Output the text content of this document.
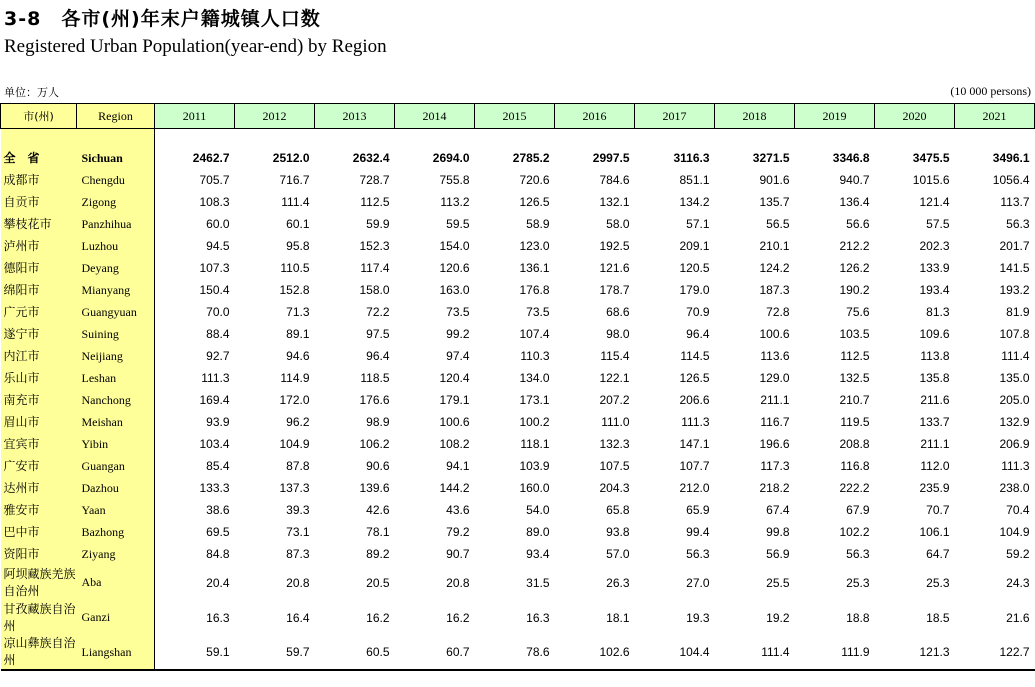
3-8　各市(州)年末户籍城镇人口数
Registered Urban Population(year-end) by Region
单位：万人	(10 000 persons)
市(州)	Region	2011	2012	2013	2014	2015	2016	2017	2018	2019	2020	2021

全　省	Sichuan	2462.7	2512.0	2632.4	2694.0	2785.2	2997.5	3116.3	3271.5	3346.8	3475.5	3496.1
成都市	Chengdu	705.7	716.7	728.7	755.8	720.6	784.6	851.1	901.6	940.7	1015.6	1056.4
自贡市	Zigong	108.3	111.4	112.5	113.2	126.5	132.1	134.2	135.7	136.4	121.4	113.7
攀枝花市	Panzhihua	60.0	60.1	59.9	59.5	58.9	58.0	57.1	56.5	56.6	57.5	56.3
泸州市	Luzhou	94.5	95.8	152.3	154.0	123.0	192.5	209.1	210.1	212.2	202.3	201.7
德阳市	Deyang	107.3	110.5	117.4	120.6	136.1	121.6	120.5	124.2	126.2	133.9	141.5
绵阳市	Mianyang	150.4	152.8	158.0	163.0	176.8	178.7	179.0	187.3	190.2	193.4	193.2
广元市	Guangyuan	70.0	71.3	72.2	73.5	73.5	68.6	70.9	72.8	75.6	81.3	81.9
遂宁市	Suining	88.4	89.1	97.5	99.2	107.4	98.0	96.4	100.6	103.5	109.6	107.8
内江市	Neijiang	92.7	94.6	96.4	97.4	110.3	115.4	114.5	113.6	112.5	113.8	111.4
乐山市	Leshan	111.3	114.9	118.5	120.4	134.0	122.1	126.5	129.0	132.5	135.8	135.0
南充市	Nanchong	169.4	172.0	176.6	179.1	173.1	207.2	206.6	211.1	210.7	211.6	205.0
眉山市	Meishan	93.9	96.2	98.9	100.6	100.2	111.0	111.3	116.7	119.5	133.7	132.9
宜宾市	Yibin	103.4	104.9	106.2	108.2	118.1	132.3	147.1	196.6	208.8	211.1	206.9
广安市	Guangan	85.4	87.8	90.6	94.1	103.9	107.5	107.7	117.3	116.8	112.0	111.3
达州市	Dazhou	133.3	137.3	139.6	144.2	160.0	204.3	212.0	218.2	222.2	235.9	238.0
雅安市	Yaan	38.6	39.3	42.6	43.6	54.0	65.8	65.9	67.4	67.9	70.7	70.4
巴中市	Bazhong	69.5	73.1	78.1	79.2	89.0	93.8	99.4	99.8	102.2	106.1	104.9
资阳市	Ziyang	84.8	87.3	89.2	90.7	93.4	57.0	56.3	56.9	56.3	64.7	59.2
阿坝藏族羌族自治州	Aba	20.4	20.8	20.5	20.8	31.5	26.3	27.0	25.5	25.3	25.3	24.3
甘孜藏族自治州	Ganzi	16.3	16.4	16.2	16.2	16.3	18.1	19.3	19.2	18.8	18.5	21.6
凉山彝族自治州	Liangshan	59.1	59.7	60.5	60.7	78.6	102.6	104.4	111.4	111.9	121.3	122.7
